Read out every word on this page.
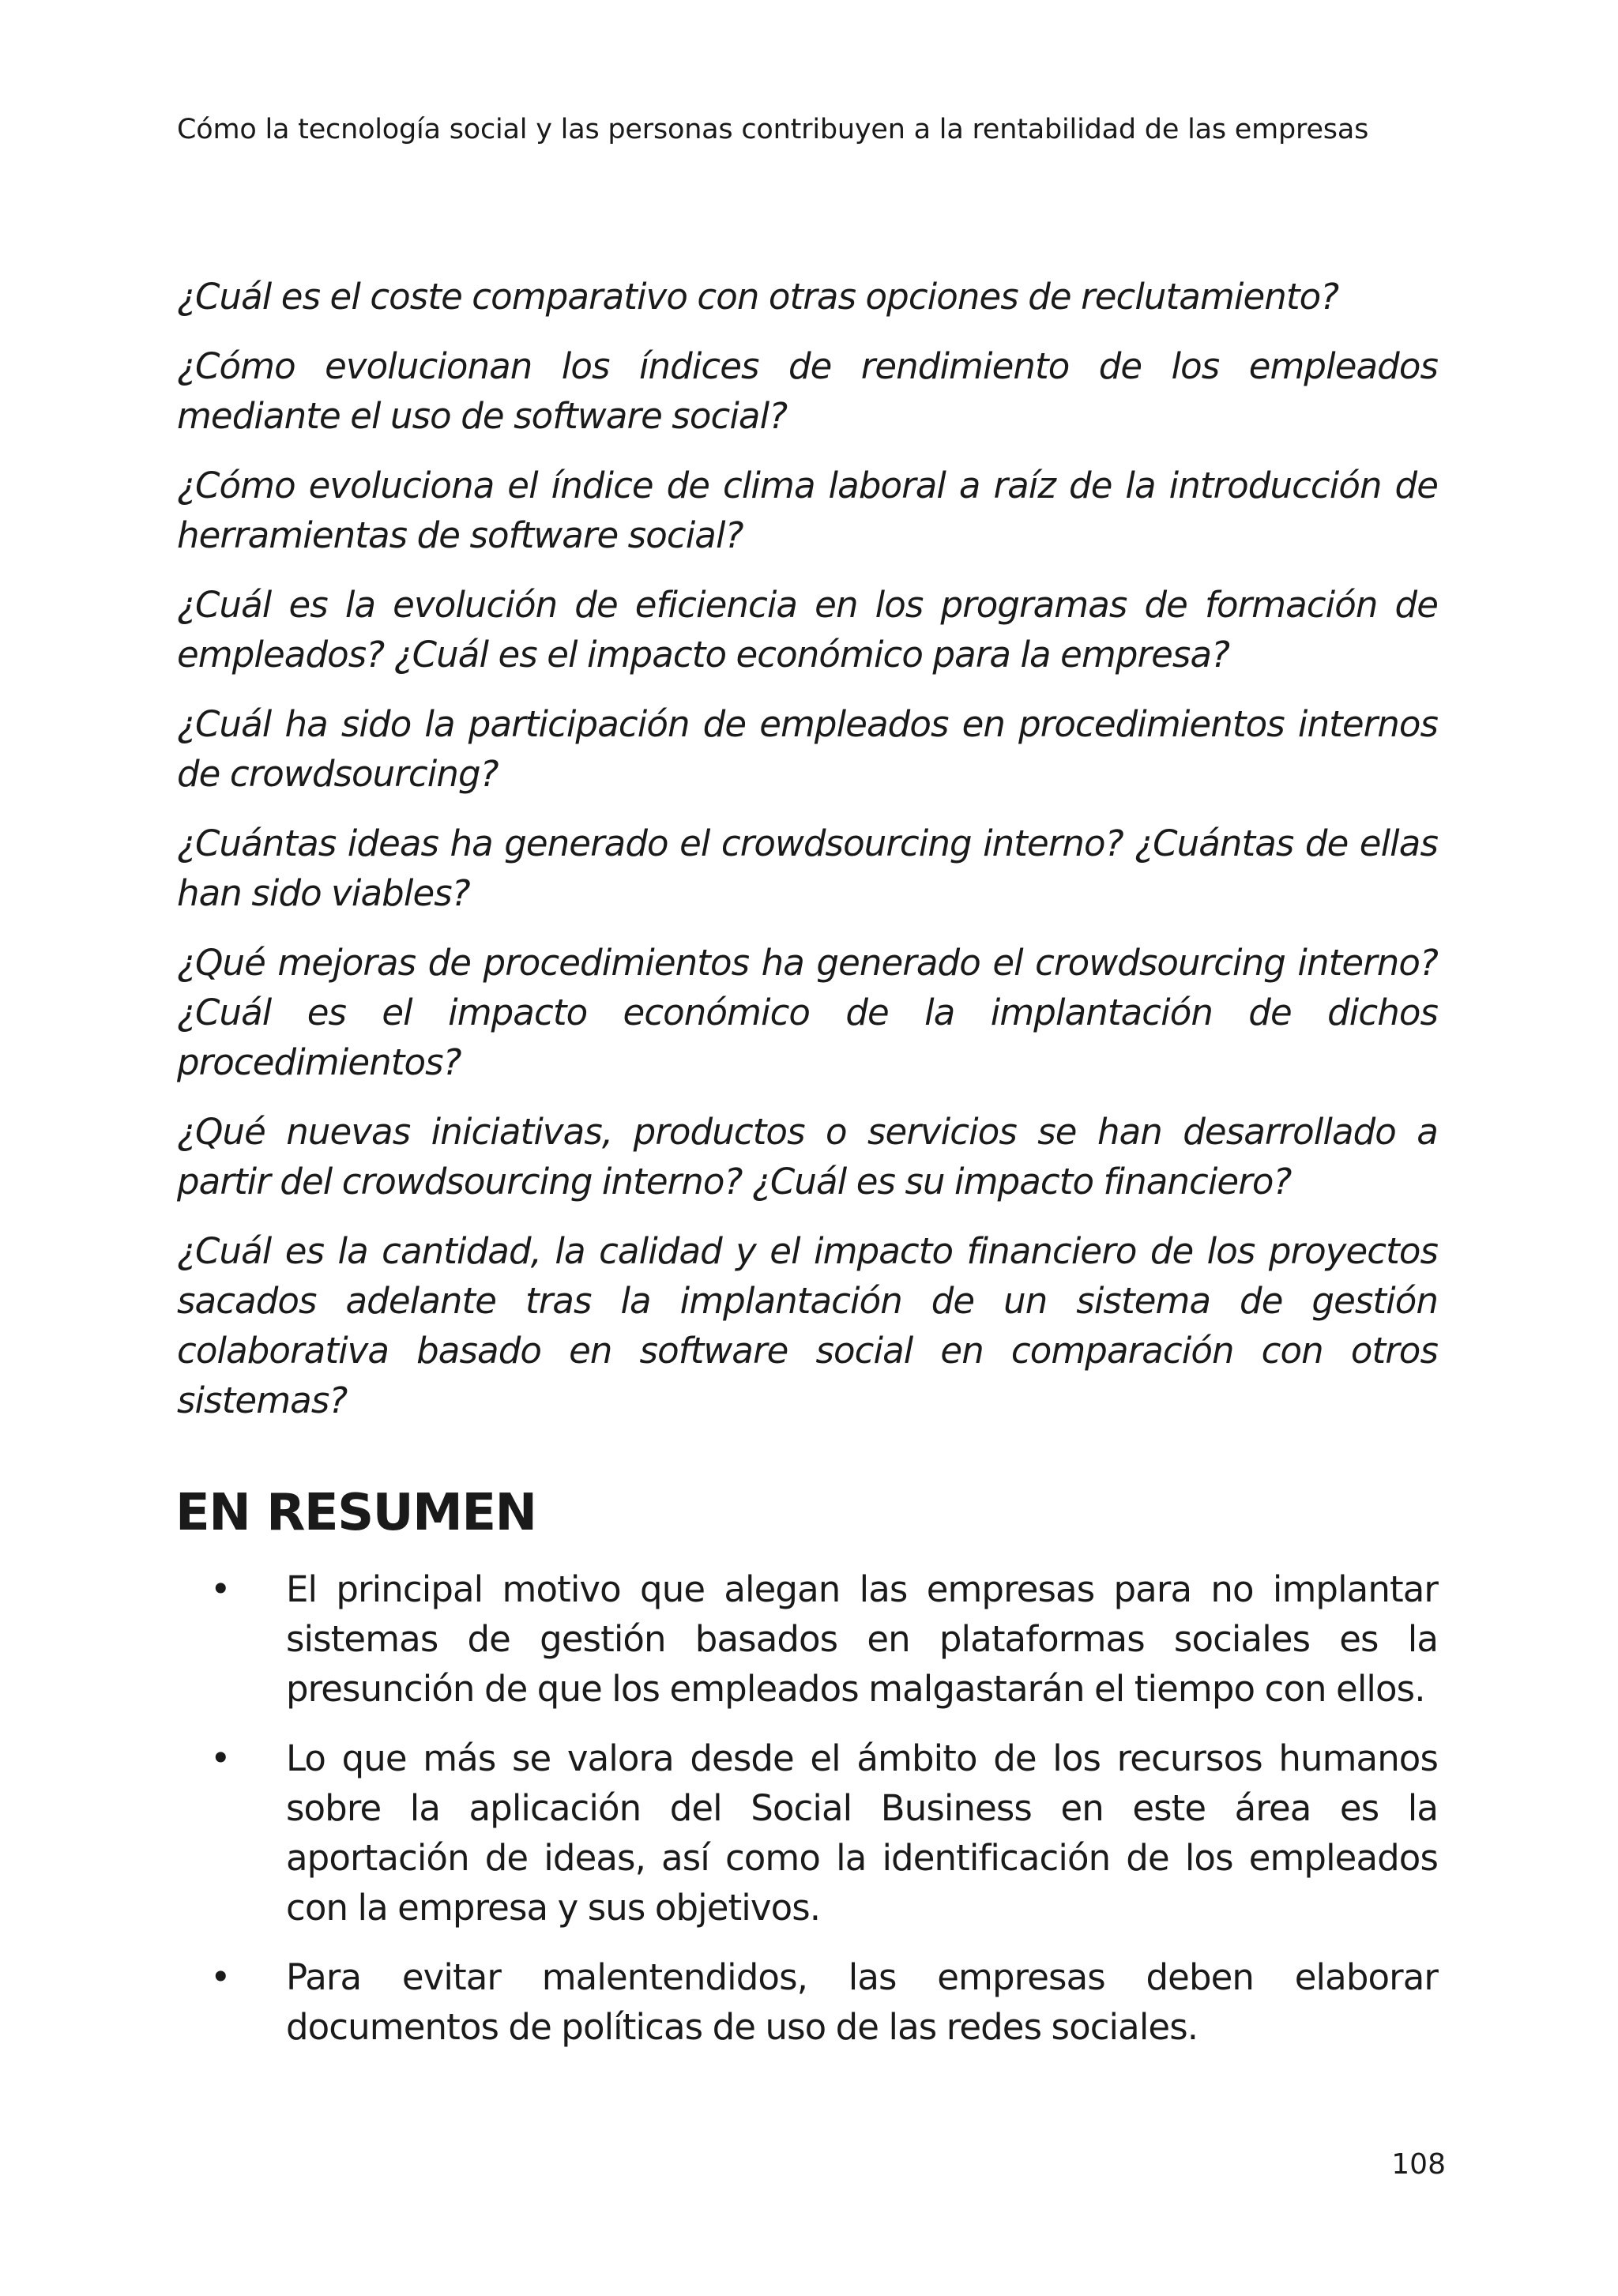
Cómo la tecnología social y las personas contribuyen a la rentabilidad de las empresas

¿Cuál es el coste comparativo con otras opciones de reclutamiento?

¿Cómo evolucionan los índices de rendimiento de los empleados mediante el uso de software social?

¿Cómo evoluciona el índice de clima laboral a raíz de la introducción de herramientas de software social?

¿Cuál es la evolución de eficiencia en los programas de formación de empleados? ¿Cuál es el impacto económico para la empresa?

¿Cuál ha sido la participación de empleados en procedimientos internos de crowdsourcing?

¿Cuántas ideas ha generado el crowdsourcing interno? ¿Cuántas de ellas han sido viables?

¿Qué mejoras de procedimientos ha generado el crowdsourcing interno? ¿Cuál es el impacto económico de la implantación de dichos procedimientos?

¿Qué nuevas iniciativas, productos o servicios se han desarrollado a partir del crowdsourcing interno? ¿Cuál es su impacto financiero?

¿Cuál es la cantidad, la calidad y el impacto financiero de los proyectos sacados adelante tras la implantación de un sistema de gestión colaborativa basado en software social en comparación con otros sistemas?

EN RESUMEN
• El principal motivo que alegan las empresas para no implantar sistemas de gestión basados en plataformas sociales es la presunción de que los empleados malgastarán el tiempo con ellos.
• Lo que más se valora desde el ámbito de los recursos humanos sobre la aplicación del Social Business en este área es la aportación de ideas, así como la identificación de los empleados con la empresa y sus objetivos.
• Para evitar malentendidos, las empresas deben elaborar documentos de políticas de uso de las redes sociales.
108
